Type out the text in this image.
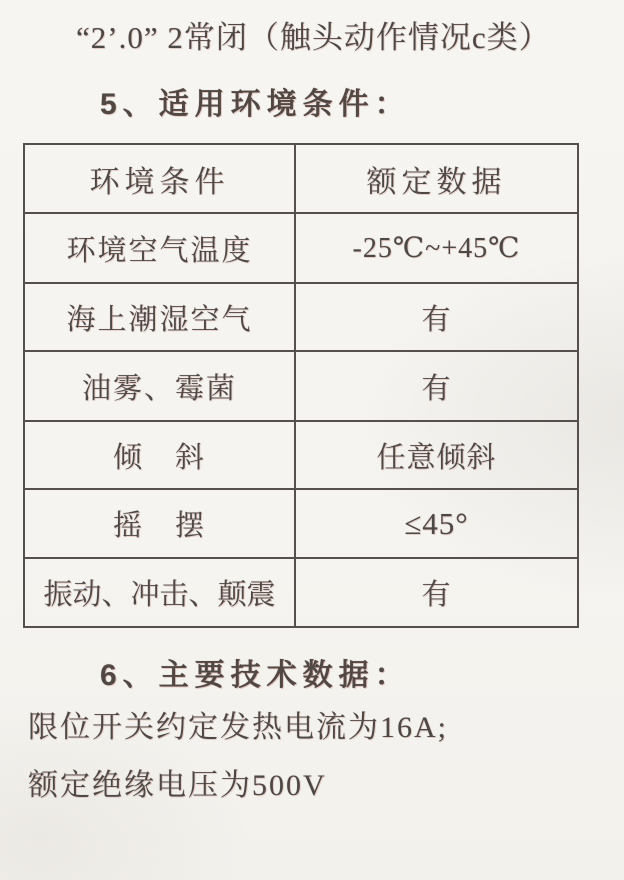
“2’.0” 2常闭（触头动作情况c类）
5、适用环境条件：
环境条件	额定数据
环境空气温度	-25℃~+45℃
海上潮湿空气	有
油雾、霉菌	有
倾　斜	任意倾斜
摇　摆	≤45°
振动、冲击、颠震	有
6、主要技术数据：
限位开关约定发热电流为16A;
额定绝缘电压为500V
